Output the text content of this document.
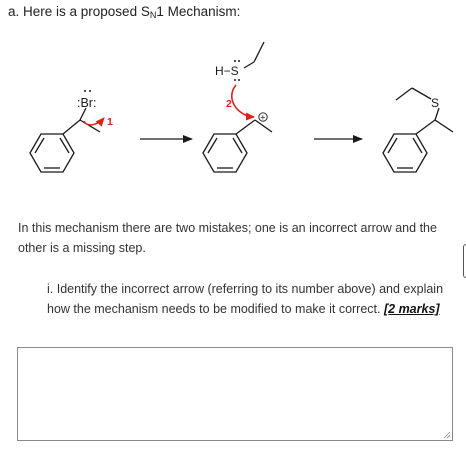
a. Here is a proposed $S_N1$ Mechanism:
:Br:
1
H−S
2
+
S
In this mechanism there are two mistakes; one is an incorrect arrow and the other is a missing step.
i. Identify the incorrect arrow (referring to its number above) and explain how the mechanism needs to be modified to make it correct. [2 marks]
